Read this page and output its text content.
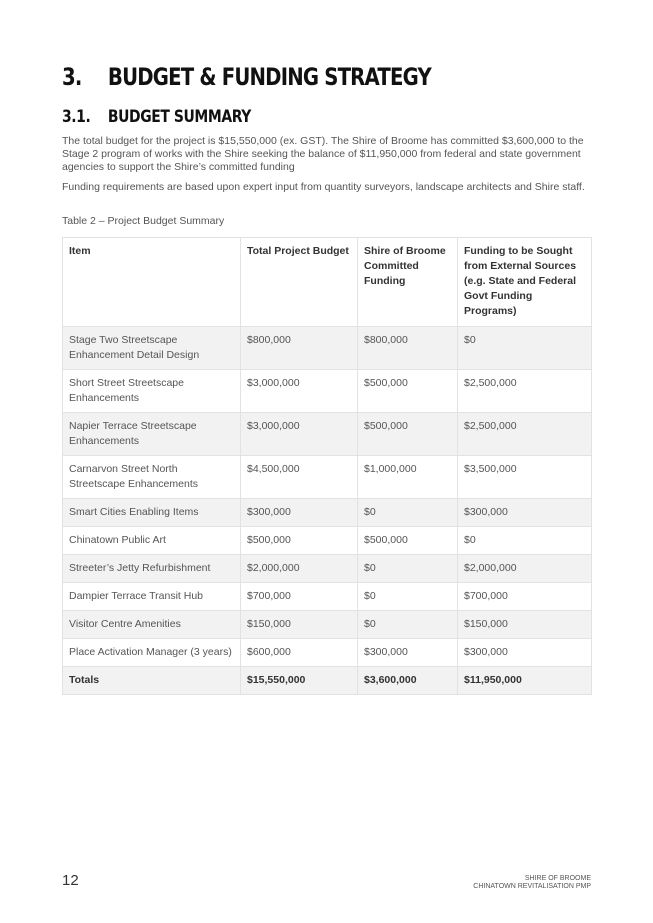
3. BUDGET & FUNDING STRATEGY
3.1. BUDGET SUMMARY

The total budget for the project is $15,550,000 (ex. GST). The Shire of Broome has committed $3,600,000 to the Stage 2 program of works with the Shire seeking the balance of $11,950,000 from federal and state government agencies to support the Shire’s committed funding

Funding requirements are based upon expert input from quantity surveyors, landscape architects and Shire staff.

Table 2 – Project Budget Summary

Item	Total Project Budget	Shire of Broome Committed Funding	Funding to be Sought from External Sources (e.g. State and Federal Govt Funding Programs)
Stage Two Streetscape Enhancement Detail Design	$800,000	$800,000	$0
Short Street Streetscape Enhancements	$3,000,000	$500,000	$2,500,000
Napier Terrace Streetscape Enhancements	$3,000,000	$500,000	$2,500,000
Carnarvon Street North Streetscape Enhancements	$4,500,000	$1,000,000	$3,500,000
Smart Cities Enabling Items	$300,000	$0	$300,000
Chinatown Public Art	$500,000	$500,000	$0
Streeter’s Jetty Refurbishment	$2,000,000	$0	$2,000,000
Dampier Terrace Transit Hub	$700,000	$0	$700,000
Visitor Centre Amenities	$150,000	$0	$150,000
Place Activation Manager (3 years)	$600,000	$300,000	$300,000
Totals	$15,550,000	$3,600,000	$11,950,000
12	SHIRE OF BROOME
CHINATOWN REVITALISATION PMP
